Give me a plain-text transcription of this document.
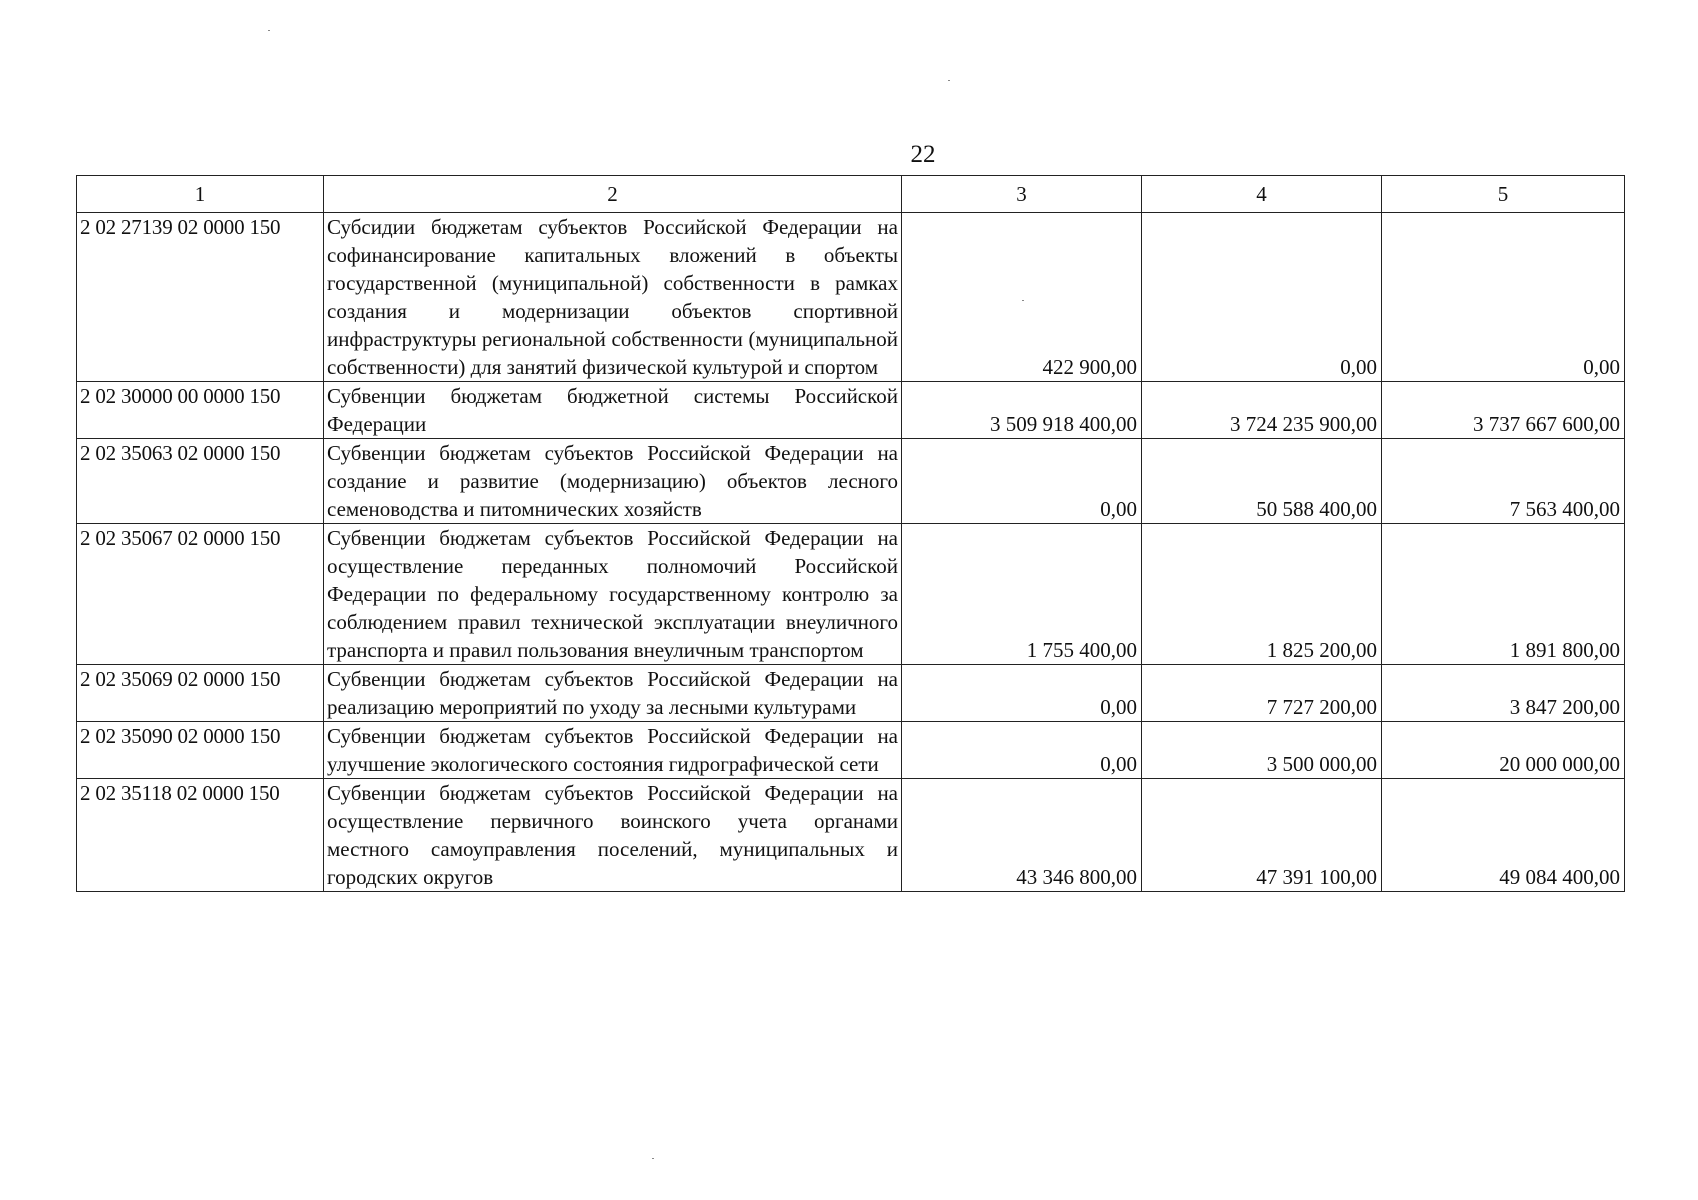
22
1	2	3	4	5
2 02 27139 02 0000 150	Субсидии бюджетам субъектов Российской Федерации на софинансирование капитальных вложений в объекты государственной (муниципальной) собственности в рамках создания и модернизации объектов спортивной инфраструктуры региональной собственности (муниципальной собственности) для занятий физической культурой и спортом	422 900,00	0,00	0,00
2 02 30000 00 0000 150	Субвенции бюджетам бюджетной системы Российской Федерации	3 509 918 400,00	3 724 235 900,00	3 737 667 600,00
2 02 35063 02 0000 150	Субвенции бюджетам субъектов Российской Федерации на создание и развитие (модернизацию) объектов лесного семеноводства и питомнических хозяйств	0,00	50 588 400,00	7 563 400,00
2 02 35067 02 0000 150	Субвенции бюджетам субъектов Российской Федерации на осуществление переданных полномочий Российской Федерации по федеральному государственному контролю за соблюдением правил технической эксплуатации внеуличного транспорта и правил пользования внеуличным транспортом	1 755 400,00	1 825 200,00	1 891 800,00
2 02 35069 02 0000 150	Субвенции бюджетам субъектов Российской Федерации на реализацию мероприятий по уходу за лесными культурами	0,00	7 727 200,00	3 847 200,00
2 02 35090 02 0000 150	Субвенции бюджетам субъектов Российской Федерации на улучшение экологического состояния гидрографической сети	0,00	3 500 000,00	20 000 000,00
2 02 35118 02 0000 150	Субвенции бюджетам субъектов Российской Федерации на осуществление первичного воинского учета органами местного самоуправления поселений, муниципальных и городских округов	43 346 800,00	47 391 100,00	49 084 400,00
